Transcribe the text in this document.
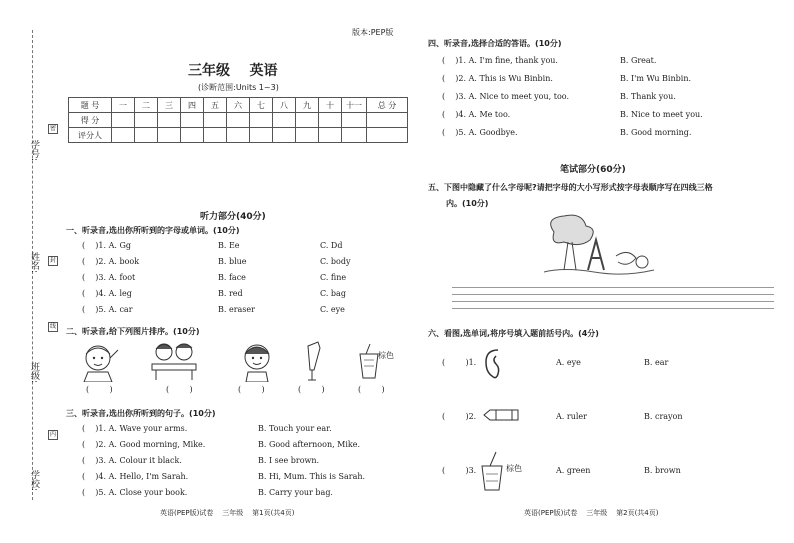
学号:
姓名:
班级:
学校:
密
封
线
内
版本:PEP版
三年级    英语
(诊断范围:Units 1~3)
题 号	一	二	三	四	五	六	七	八	九	十	十一	总 分
得 分												
评分人												
听力部分(40分)
一、听录音,选出你所听到的字母或单词。(10分)
(    )1. A. Gg	B. Ee	C. Dd
(    )2. A. book	B. blue	C. body
(    )3. A. foot	B. face	C. fine
(    )4. A. leg	B. red	C. bag
(    )5. A. car	B. eraser	C. eye
二、听录音,给下列图片排序。(10分)
棕色
(        )	(        )	(        )	(        )	(        )
三、听录音,选出你所听到的句子。(10分)
(    )1. A. Wave your arms.	B. Touch your ear.
(    )2. A. Good morning, Mike.	B. Good afternoon, Mike.
(    )3. A. Colour it black.	B. I see brown.
(    )4. A. Hello, I'm Sarah.	B. Hi, Mum. This is Sarah.
(    )5. A. Close your book.	B. Carry your bag.
四、听录音,选择合适的答语。(10分)
(    )1. A. I'm fine, thank you.	B. Great.
(    )2. A. This is Wu Binbin.	B. I'm Wu Binbin.
(    )3. A. Nice to meet you, too.	B. Thank you.
(    )4. A. Me too.	B. Nice to meet you.
(    )5. A. Goodbye.	B. Good morning.
笔试部分(60分)
五、下图中隐藏了什么字母呢?请把字母的大小写形式按字母表顺序写在四线三格
内。(10分)
六、看图,选单词,将序号填入题前括号内。(4分)
(        )1.	A. eye	B. ear
(        )2.	A. ruler	B. crayon
(        )3.	棕色	A. green	B. brown
英语(PEP版)试卷    三年级    第1页(共4页)	英语(PEP版)试卷    三年级    第2页(共4页)
